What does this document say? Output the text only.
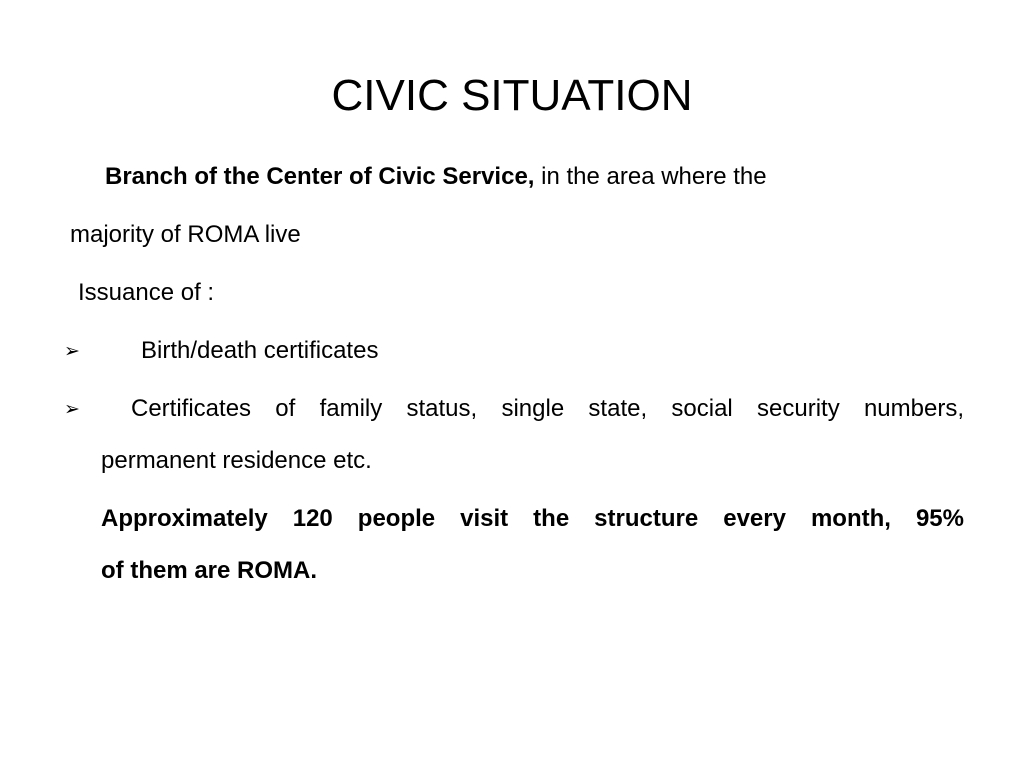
CIVIC SITUATION
Branch of the Center of Civic Service, in the area where the
majority of ROMA live
Issuance of :
➢	Birth/death certificates
➢	Certificates of family status, single state, social security numbers,
permanent residence etc.
Approximately 120 people visit the structure every month, 95%
of them are ROMA.
